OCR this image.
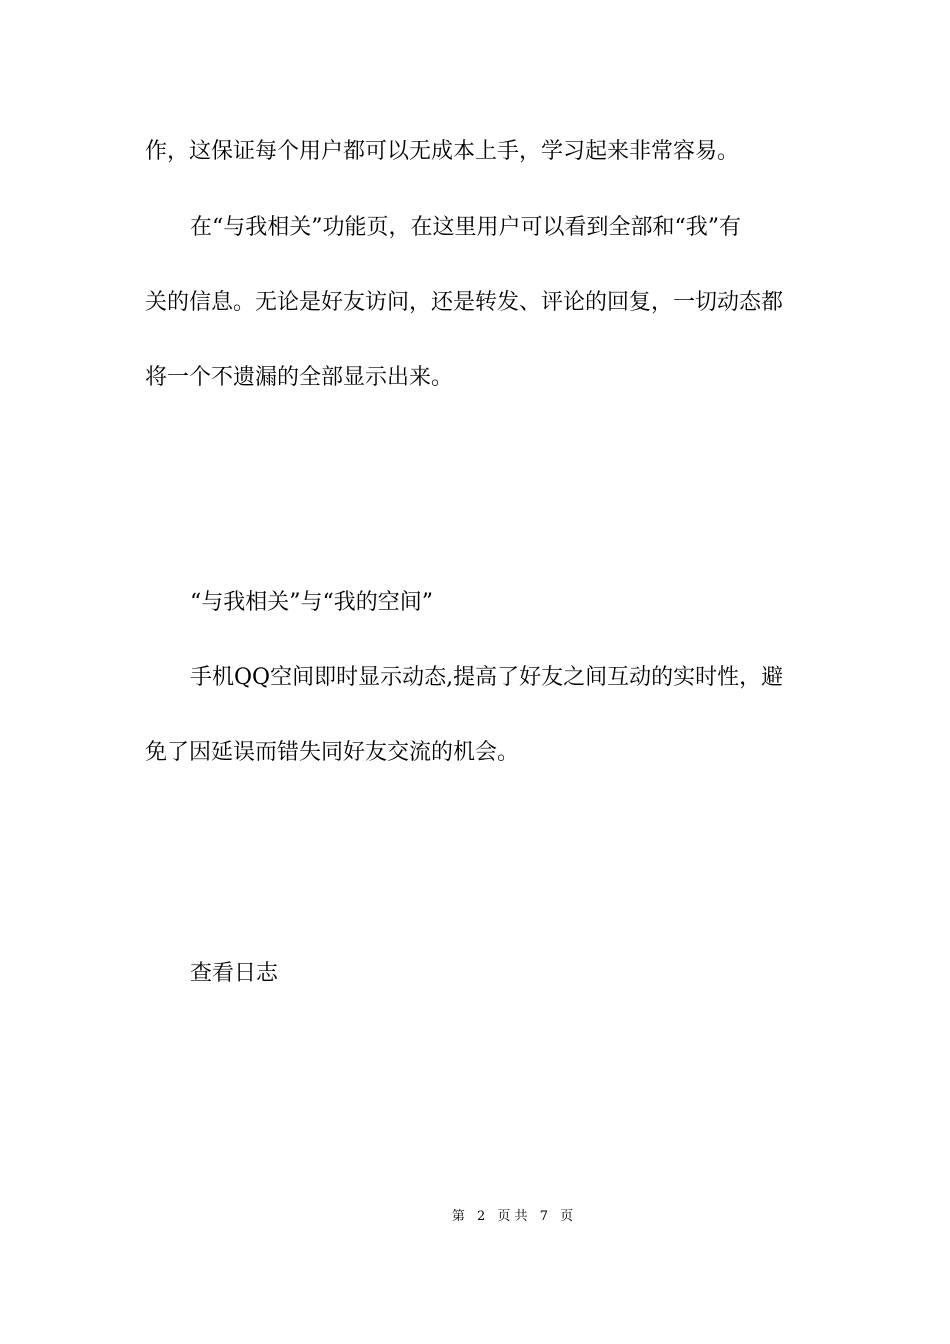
作，这保证每个用户都可以无成本上手，学习起来非常容易。
在“与我相关”功能页，在这里用户可以看到全部和“我”有
关的信息。无论是好友访问，还是转发、评论的回复，一切动态都
将一个不遗漏的全部显示出来。
“与我相关”与“我的空间”
手机QQ空间即时显示动态,提高了好友之间互动的实时性，避
免了因延误而错失同好友交流的机会。
查看日志
第 2 页 共 7 页
